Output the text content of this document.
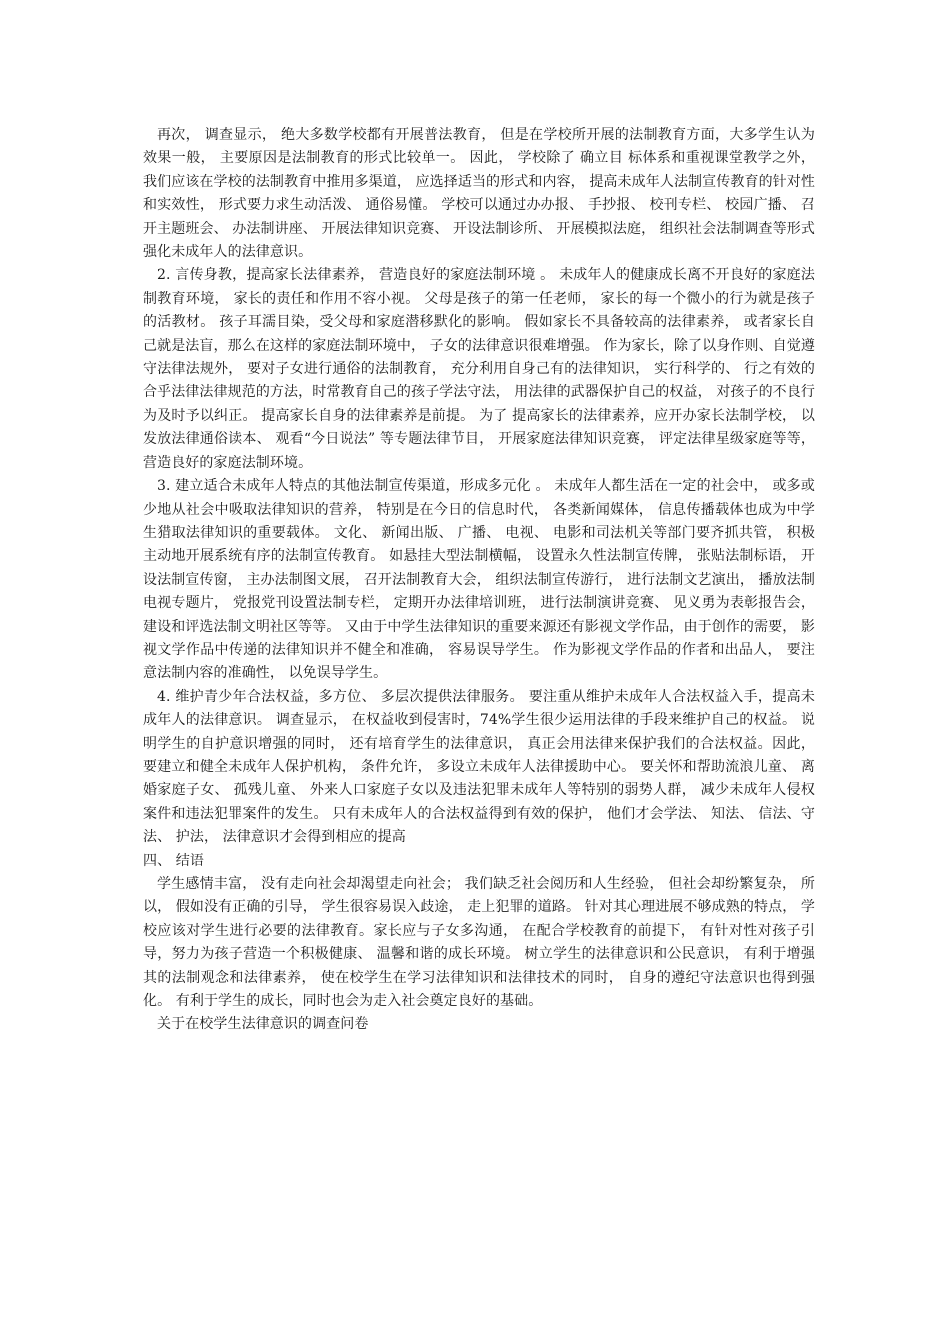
再次， 调查显示， 绝大多数学校都有开展普法教育， 但是在学校所开展的法制教育方面，大多学生认为效果一般， 主要原因是法制教育的形式比较单一。 因此， 学校除了 确立目 标体系和重视课堂教学之外， 我们应该在学校的法制教育中推用多渠道， 应选择适当的形式和内容， 提高未成年人法制宣传教育的针对性和实效性， 形式要力求生动活泼、 通俗易懂。 学校可以通过办办报、 手抄报、 校刊专栏、 校园广播、 召开主题班会、 办法制讲座、 开展法律知识竞赛、 开设法制诊所、 开展模拟法庭， 组织社会法制调查等形式强化未成年人的法律意识。

2. 言传身教，提高家长法律素养， 营造良好的家庭法制环境 。 未成年人的健康成长离不开良好的家庭法制教育环境， 家长的责任和作用不容小视。 父母是孩子的第一任老师， 家长的每一个微小的行为就是孩子的活教材。 孩子耳濡目染，受父母和家庭潜移默化的影响。 假如家长不具备较高的法律素养， 或者家长自己就是法盲，那么在这样的家庭法制环境中， 子女的法律意识很难增强。 作为家长，除了以身作则、自觉遵守法律法规外， 要对子女进行通俗的法制教育， 充分利用自身己有的法律知识， 实行科学的、 行之有效的合乎法律法律规范的方法，时常教育自己的孩子学法守法， 用法律的武器保护自己的权益， 对孩子的不良行为及时予以纠正。 提高家长自身的法律素养是前提。 为了 提高家长的法律素养，应开办家长法制学校， 以发放法律通俗读本、 观看“今日说法” 等专题法律节目， 开展家庭法律知识竞赛， 评定法律星级家庭等等， 营造良好的家庭法制环境。

3. 建立适合未成年人特点的其他法制宣传渠道，形成多元化 。 未成年人都生活在一定的社会中， 或多或少地从社会中吸取法律知识的营养， 特别是在今日的信息时代， 各类新闻媒体， 信息传播载体也成为中学生猎取法律知识的重要载体。 文化、 新闻出版、 广播、 电视、 电影和司法机关等部门要齐抓共管， 积极主动地开展系统有序的法制宣传教育。 如悬挂大型法制横幅， 设置永久性法制宣传牌， 张贴法制标语， 开设法制宣传窗， 主办法制图文展， 召开法制教育大会， 组织法制宣传游行， 进行法制文艺演出， 播放法制电视专题片， 党报党刊设置法制专栏， 定期开办法律培训班， 进行法制演讲竞赛、 见义勇为表彰报告会， 建设和评选法制文明社区等等。 又由于中学生法律知识的重要来源还有影视文学作品，由于创作的需要， 影视文学作品中传递的法律知识并不健全和准确， 容易误导学生。 作为影视文学作品的作者和出品人， 要注意法制内容的准确性， 以免误导学生。

4. 维护青少年合法权益，多方位、 多层次提供法律服务。 要注重从维护未成年人合法权益入手，提高未成年人的法律意识。 调查显示， 在权益收到侵害时，74%学生很少运用法律的手段来维护自己的权益。 说明学生的自护意识增强的同时， 还有培育学生的法律意识， 真正会用法律来保护我们的合法权益。因此， 要建立和健全未成年人保护机构， 条件允许， 多设立未成年人法律援助中心。 要关怀和帮助流浪儿童、 离婚家庭子女、 孤残儿童、 外来人口家庭子女以及违法犯罪未成年人等特别的弱势人群， 减少未成年人侵权案件和违法犯罪案件的发生。 只有未成年人的合法权益得到有效的保护， 他们才会学法、 知法、 信法、守法、 护法， 法律意识才会得到相应的提高

四、 结语

学生感情丰富， 没有走向社会却渴望走向社会； 我们缺乏社会阅历和人生经验， 但社会却纷繁复杂， 所以， 假如没有正确的引导， 学生很容易误入歧途， 走上犯罪的道路。 针对其心理进展不够成熟的特点， 学校应该对学生进行必要的法律教育。家长应与子女多沟通， 在配合学校教育的前提下， 有针对性对孩子引导，努力为孩子营造一个积极健康、 温馨和谐的成长环境。 树立学生的法律意识和公民意识， 有利于增强其的法制观念和法律素养， 使在校学生在学习法律知识和法律技术的同时， 自身的遵纪守法意识也得到强化。 有利于学生的成长，同时也会为走入社会奠定良好的基础。

关于在校学生法律意识的调查问卷
